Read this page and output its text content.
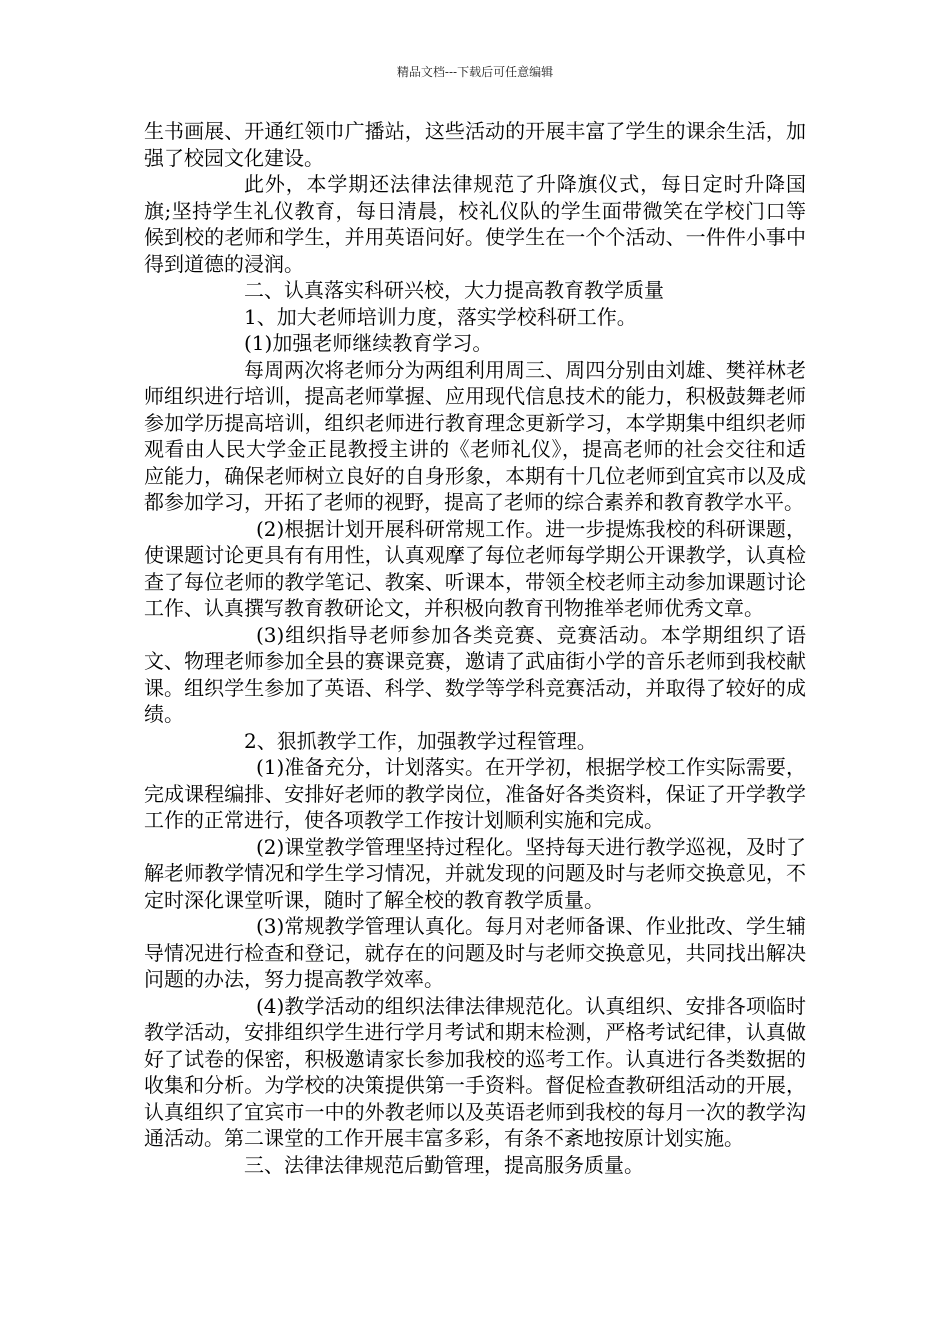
精品文档---下载后可任意编辑

生书画展、开通红领巾广播站，这些活动的开展丰富了学生的课余生活，加强了校园文化建设。

此外，本学期还法律法律规范了升降旗仪式，每日定时升降国旗;坚持学生礼仪教育，每日清晨，校礼仪队的学生面带微笑在学校门口等候到校的老师和学生，并用英语问好。使学生在一个个活动、一件件小事中得到道德的浸润。

二、认真落实科研兴校，大力提高教育教学质量

1、加大老师培训力度，落实学校科研工作。

(1)加强老师继续教育学习。

每周两次将老师分为两组利用周三、周四分别由刘雄、樊祥林老师组织进行培训，提高老师掌握、应用现代信息技术的能力，积极鼓舞老师参加学历提高培训，组织老师进行教育理念更新学习，本学期集中组织老师观看由人民大学金正昆教授主讲的《老师礼仪》，提高老师的社会交往和适应能力，确保老师树立良好的自身形象，本期有十几位老师到宜宾市以及成都参加学习，开拓了老师的视野，提高了老师的综合素养和教育教学水平。

(2)根据计划开展科研常规工作。进一步提炼我校的科研课题，使课题讨论更具有有用性，认真观摩了每位老师每学期公开课教学，认真检查了每位老师的教学笔记、教案、听课本，带领全校老师主动参加课题讨论工作、认真撰写教育教研论文，并积极向教育刊物推举老师优秀文章。

(3)组织指导老师参加各类竞赛、竞赛活动。本学期组织了语文、物理老师参加全县的赛课竞赛，邀请了武庙街小学的音乐老师到我校献课。组织学生参加了英语、科学、数学等学科竞赛活动，并取得了较好的成绩。

2、狠抓教学工作，加强教学过程管理。

(1)准备充分，计划落实。在开学初，根据学校工作实际需要，完成课程编排、安排好老师的教学岗位，准备好各类资料，保证了开学教学工作的正常进行，使各项教学工作按计划顺利实施和完成。

(2)课堂教学管理坚持过程化。坚持每天进行教学巡视，及时了解老师教学情况和学生学习情况，并就发现的问题及时与老师交换意见，不定时深化课堂听课，随时了解全校的教育教学质量。

(3)常规教学管理认真化。每月对老师备课、作业批改、学生辅导情况进行检查和登记，就存在的问题及时与老师交换意见，共同找出解决问题的办法，努力提高教学效率。

(4)教学活动的组织法律法律规范化。认真组织、安排各项临时教学活动，安排组织学生进行学月考试和期末检测，严格考试纪律，认真做好了试卷的保密，积极邀请家长参加我校的巡考工作。认真进行各类数据的收集和分析。为学校的决策提供第一手资料。督促检查教研组活动的开展，认真组织了宜宾市一中的外教老师以及英语老师到我校的每月一次的教学沟通活动。第二课堂的工作开展丰富多彩，有条不紊地按原计划实施。

三、法律法律规范后勤管理，提高服务质量。
